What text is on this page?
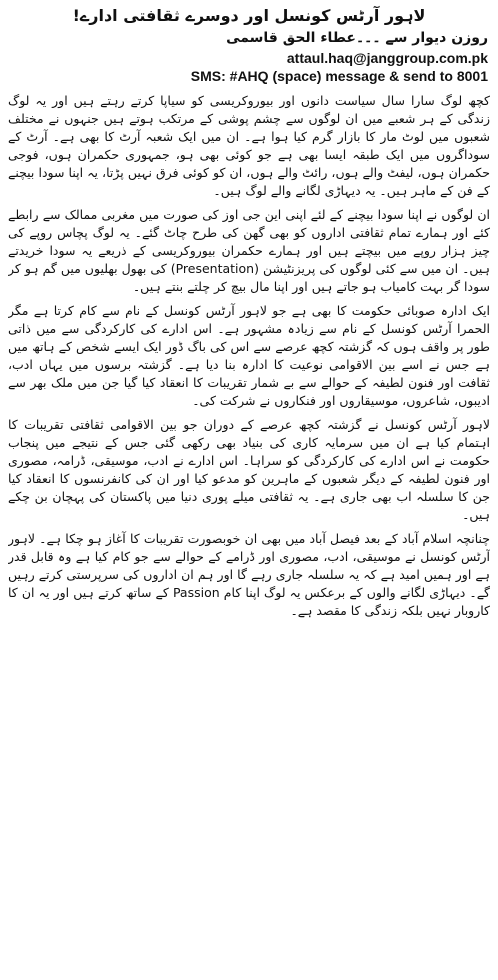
لاہور آرٹس کونسل اور دوسرے ثقافتی ادارے!
روزن دیوار سے ۔۔۔عطاء الحق قاسمی
attaul.haq@janggroup.com.pk
SMS: #AHQ (space) message & send to 8001

کچھ لوگ سارا سال سیاست دانوں اور بیوروکریسی کو سیاپا کرتے رہتے ہیں اور یہ لوگ زندگی کے ہر شعبے میں ان لوگوں سے چشم پوشی کے مرتکب ہوتے ہیں جنہوں نے مختلف شعبوں میں لوٹ مار کا بازار گرم کیا ہوا ہے۔ ان میں ایک شعبہ آرٹ کا بھی ہے۔ آرٹ کے سوداگروں میں ایک طبقہ ایسا بھی ہے جو کوئی بھی ہو، جمہوری حکمران ہوں، فوجی حکمران ہوں، لیفٹ والے ہوں، رائٹ والے ہوں، ان کو کوئی فرق نہیں پڑتا، یہ اپنا سودا بیچنے کے فن کے ماہر ہیں۔ یہ دیہاڑی لگانے والے لوگ ہیں۔

ان لوگوں نے اپنا سودا بیچنے کے لئے اپنی این جی اوز کی صورت میں مغربی ممالک سے رابطے کئے اور ہمارے تمام ثقافتی اداروں کو بھی گھن کی طرح چاٹ گئے۔ یہ لوگ پچاس روپے کی چیز ہزار روپے میں بیچتے ہیں اور ہمارے حکمران بیوروکریسی کے ذریعے یہ سودا خریدتے ہیں۔ ان میں سے کئی لوگوں کی پریزنٹیشن (Presentation) کی بھول بھلیوں میں گم ہو کر سودا گر بہت کامیاب ہو جاتے ہیں اور اپنا مال بیچ کر چلتے بنتے ہیں۔

ایک ادارہ صوبائی حکومت کا بھی ہے جو لاہور آرٹس کونسل کے نام سے کام کرتا ہے مگر الحمرا آرٹس کونسل کے نام سے زیادہ مشہور ہے۔ اس ادارے کی کارکردگی سے میں ذاتی طور پر واقف ہوں کہ گزشتہ کچھ عرصے سے اس کی باگ ڈور ایک ایسے شخص کے ہاتھ میں ہے جس نے اسے بین الاقوامی نوعیت کا ادارہ بنا دیا ہے۔ گزشتہ برسوں میں یہاں ادب، ثقافت اور فنون لطیفہ کے حوالے سے بے شمار تقریبات کا انعقاد کیا گیا جن میں ملک بھر سے ادیبوں، شاعروں، موسیقاروں اور فنکاروں نے شرکت کی۔

لاہور آرٹس کونسل نے گزشتہ کچھ عرصے کے دوران جو بین الاقوامی ثقافتی تقریبات کا اہتمام کیا ہے ان میں سرمایہ کاری کی بنیاد بھی رکھی گئی جس کے نتیجے میں پنجاب حکومت نے اس ادارے کی کارکردگی کو سراہا۔ اس ادارے نے ادب، موسیقی، ڈرامہ، مصوری اور فنون لطیفہ کے دیگر شعبوں کے ماہرین کو مدعو کیا اور ان کی کانفرنسوں کا انعقاد کیا جن کا سلسلہ اب بھی جاری ہے۔ یہ ثقافتی میلے پوری دنیا میں پاکستان کی پہچان بن چکے ہیں۔

چنانچہ اسلام آباد کے بعد فیصل آباد میں بھی ان خوبصورت تقریبات کا آغاز ہو چکا ہے۔ لاہور آرٹس کونسل نے موسیقی، ادب، مصوری اور ڈرامے کے حوالے سے جو کام کیا ہے وہ قابل قدر ہے اور ہمیں امید ہے کہ یہ سلسلہ جاری رہے گا اور ہم ان اداروں کی سرپرستی کرتے رہیں گے۔ دیہاڑی لگانے والوں کے برعکس یہ لوگ اپنا کام Passion کے ساتھ کرتے ہیں اور یہ ان کا کاروبار نہیں بلکہ زندگی کا مقصد ہے۔
